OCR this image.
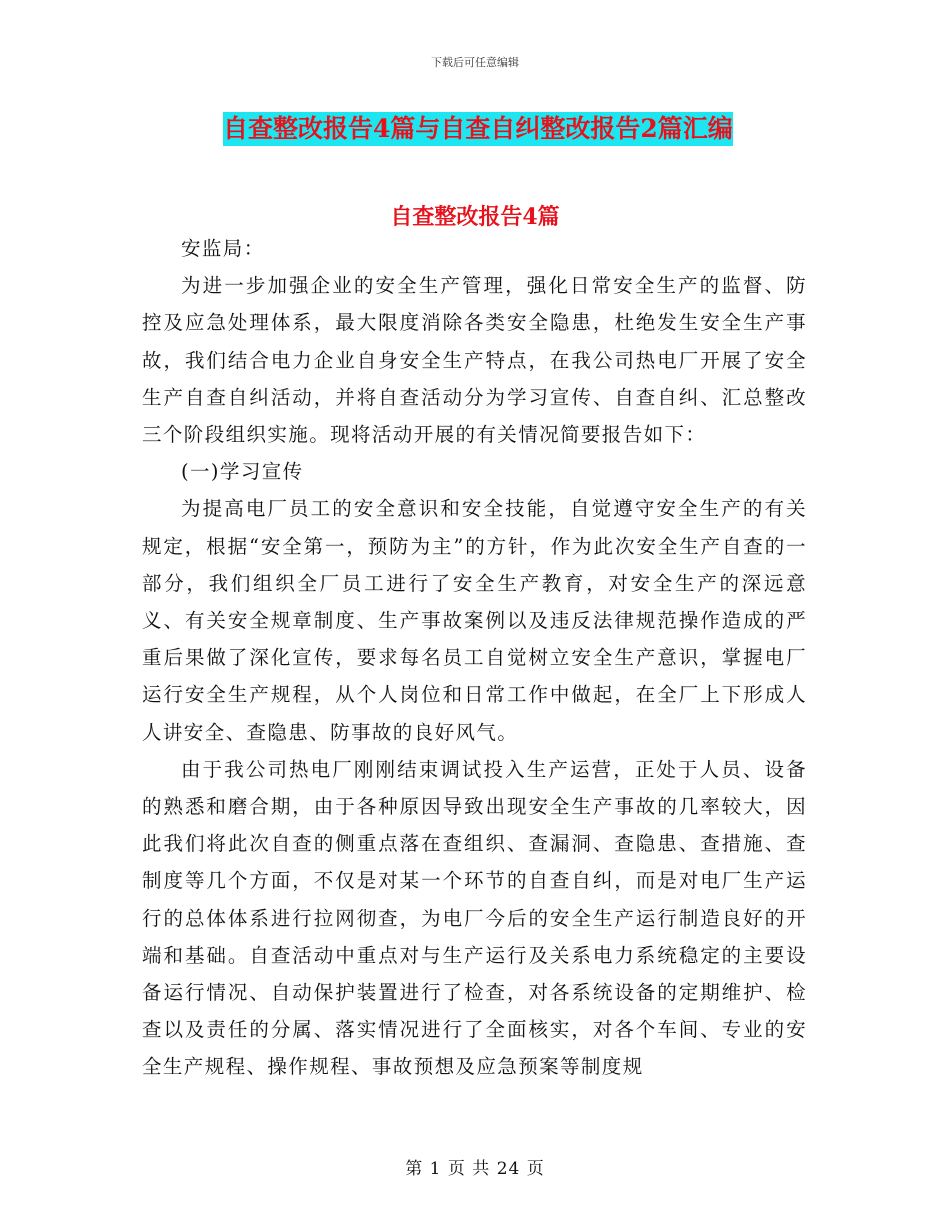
下载后可任意编辑
自查整改报告4篇与自查自纠整改报告2篇汇编
自查整改报告4篇

安监局：

为进一步加强企业的安全生产管理，强化日常安全生产的监督、防控及应急处理体系，最大限度消除各类安全隐患，杜绝发生安全生产事故，我们结合电力企业自身安全生产特点，在我公司热电厂开展了安全生产自查自纠活动，并将自查活动分为学习宣传、自查自纠、汇总整改三个阶段组织实施。现将活动开展的有关情况简要报告如下：

(一)学习宣传

为提高电厂员工的安全意识和安全技能，自觉遵守安全生产的有关规定，根据“安全第一，预防为主”的方针，作为此次安全生产自查的一部分，我们组织全厂员工进行了安全生产教育，对安全生产的深远意义、有关安全规章制度、生产事故案例以及违反法律规范操作造成的严重后果做了深化宣传，要求每名员工自觉树立安全生产意识，掌握电厂运行安全生产规程，从个人岗位和日常工作中做起，在全厂上下形成人人讲安全、查隐患、防事故的良好风气。

由于我公司热电厂刚刚结束调试投入生产运营，正处于人员、设备的熟悉和磨合期，由于各种原因导致出现安全生产事故的几率较大，因此我们将此次自查的侧重点落在查组织、查漏洞、查隐患、查措施、查制度等几个方面，不仅是对某一个环节的自查自纠，而是对电厂生产运行的总体体系进行拉网彻查，为电厂今后的安全生产运行制造良好的开端和基础。自查活动中重点对与生产运行及关系电力系统稳定的主要设备运行情况、自动保护装置进行了检查，对各系统设备的定期维护、检查以及责任的分属、落实情况进行了全面核实，对各个车间、专业的安全生产规程、操作规程、事故预想及应急预案等制度规

第 1 页 共 24 页
